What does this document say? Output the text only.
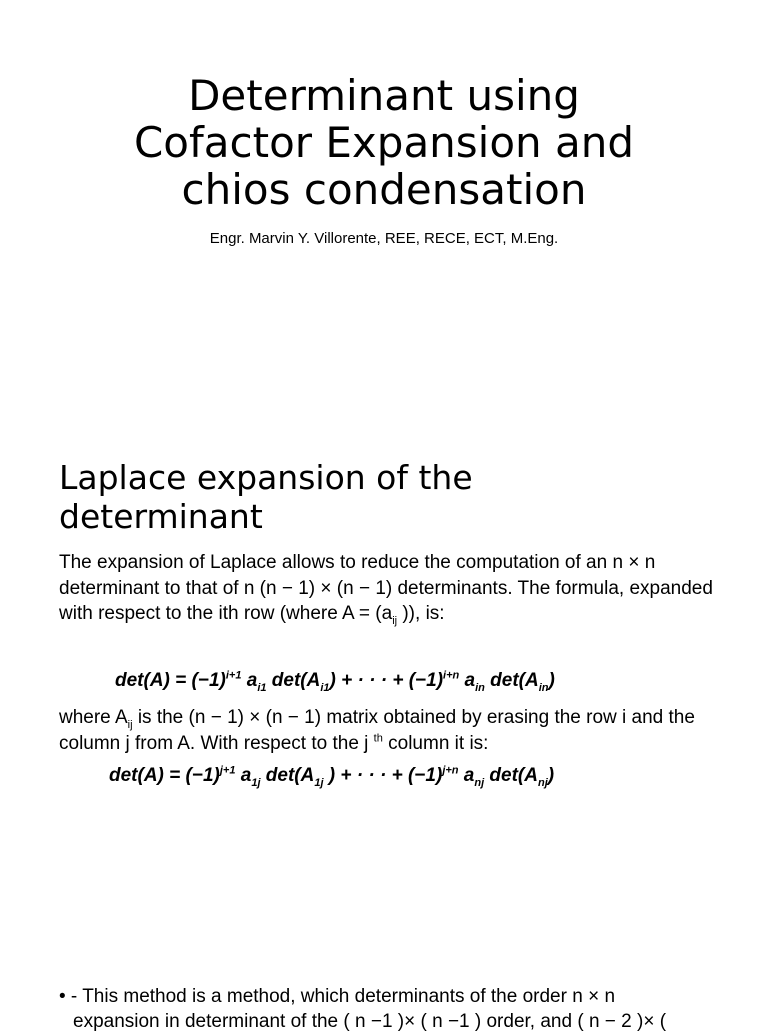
Determinant using
Cofactor Expansion and
chios condensation
Engr. Marvin Y. Villorente, REE, RECE, ECT, M.Eng.
Laplace expansion of the
determinant

The expansion of Laplace allows to reduce the computation of an n × n determinant to that of n (n − 1) × (n − 1) determinants. The formula, expanded with respect to the ith row (where $A = (a_{ij}$ )), is:

$\det(A) = (-1)^{i+1}$ $a_{i1}$ $\det(A_{i1})$ + · · · + $(-1)^{i+n}$ $a_{in}$ $\det(A_{in})$

where $A_{ij}$ is the (n − 1) × (n − 1) matrix obtained by erasing the row i and the column j from A. With respect to the j $^{th}$ column it is:

$\det(A) = (-1)^{j+1}$ $a_{1j}$ $\det(A_{1j}$ ) + · · · + $(-1)^{j+n}$ $a_{nj}$ $\det(A_{nj})$
• - This method is a method, which determinants of the order n × n
expansion in determinant of the ( n −1 )× ( n −1 ) order, and ( n − 2 )× (
